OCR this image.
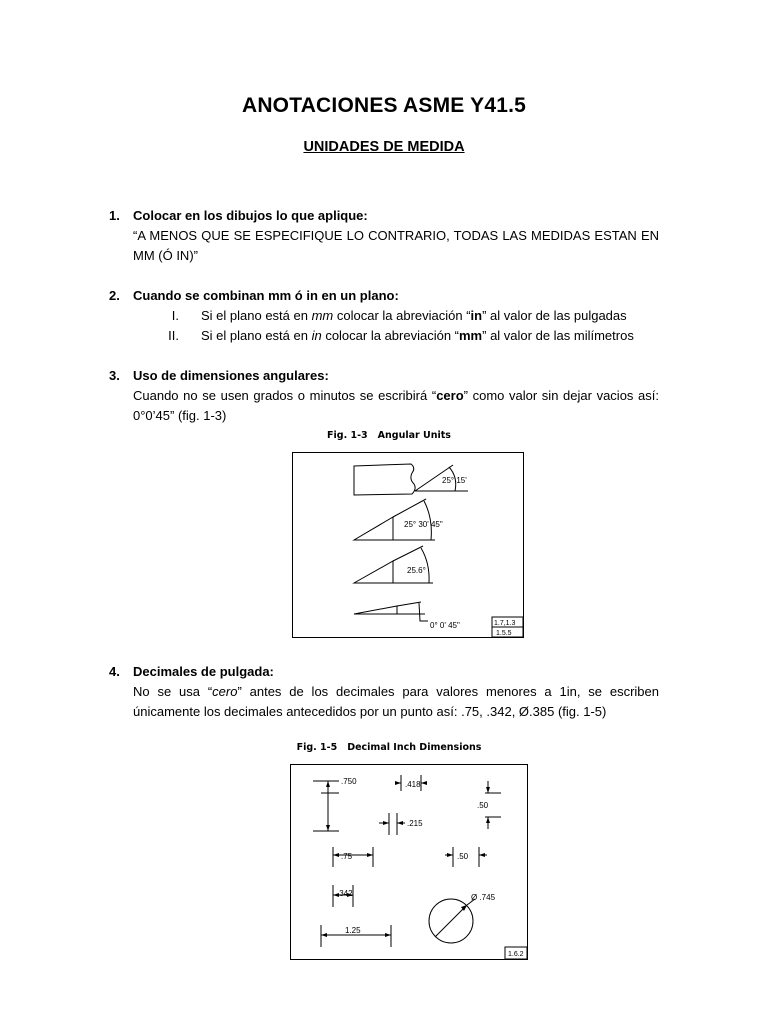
ANOTACIONES ASME Y41.5
UNIDADES DE MEDIDA
1. Colocar en los dibujos lo que aplique:
“A MENOS QUE SE ESPECIFIQUE LO CONTRARIO, TODAS LAS MEDIDAS ESTAN EN MM (Ó IN)”
2. Cuando se combinan mm ó in en un plano:
I. Si el plano está en mm colocar la abreviación “in” al valor de las pulgadas
II. Si el plano está en in colocar la abreviación “mm” al valor de las milímetros
3. Uso de dimensiones angulares:
Cuando no se usen grados o minutos se escribirá “cero” como valor sin dejar vacios así: 0°0’45” (fig. 1-3)
Fig. 1-3 Angular Units
25° 15'
25° 30' 45"
25.6°
0° 0' 45"	1.7,1.3
1.5.5
4. Decimales de pulgada:
No se usa “cero” antes de los decimales para valores menores a 1in, se escriben únicamente los decimales antecedidos por un punto así: .75, .342, Ø.385 (fig. 1-5)
Fig. 1-5 Decimal Inch Dimensions
.750	.418
.50
.215
.75	.50
.342	Ø .745
1.25
1.6.2
